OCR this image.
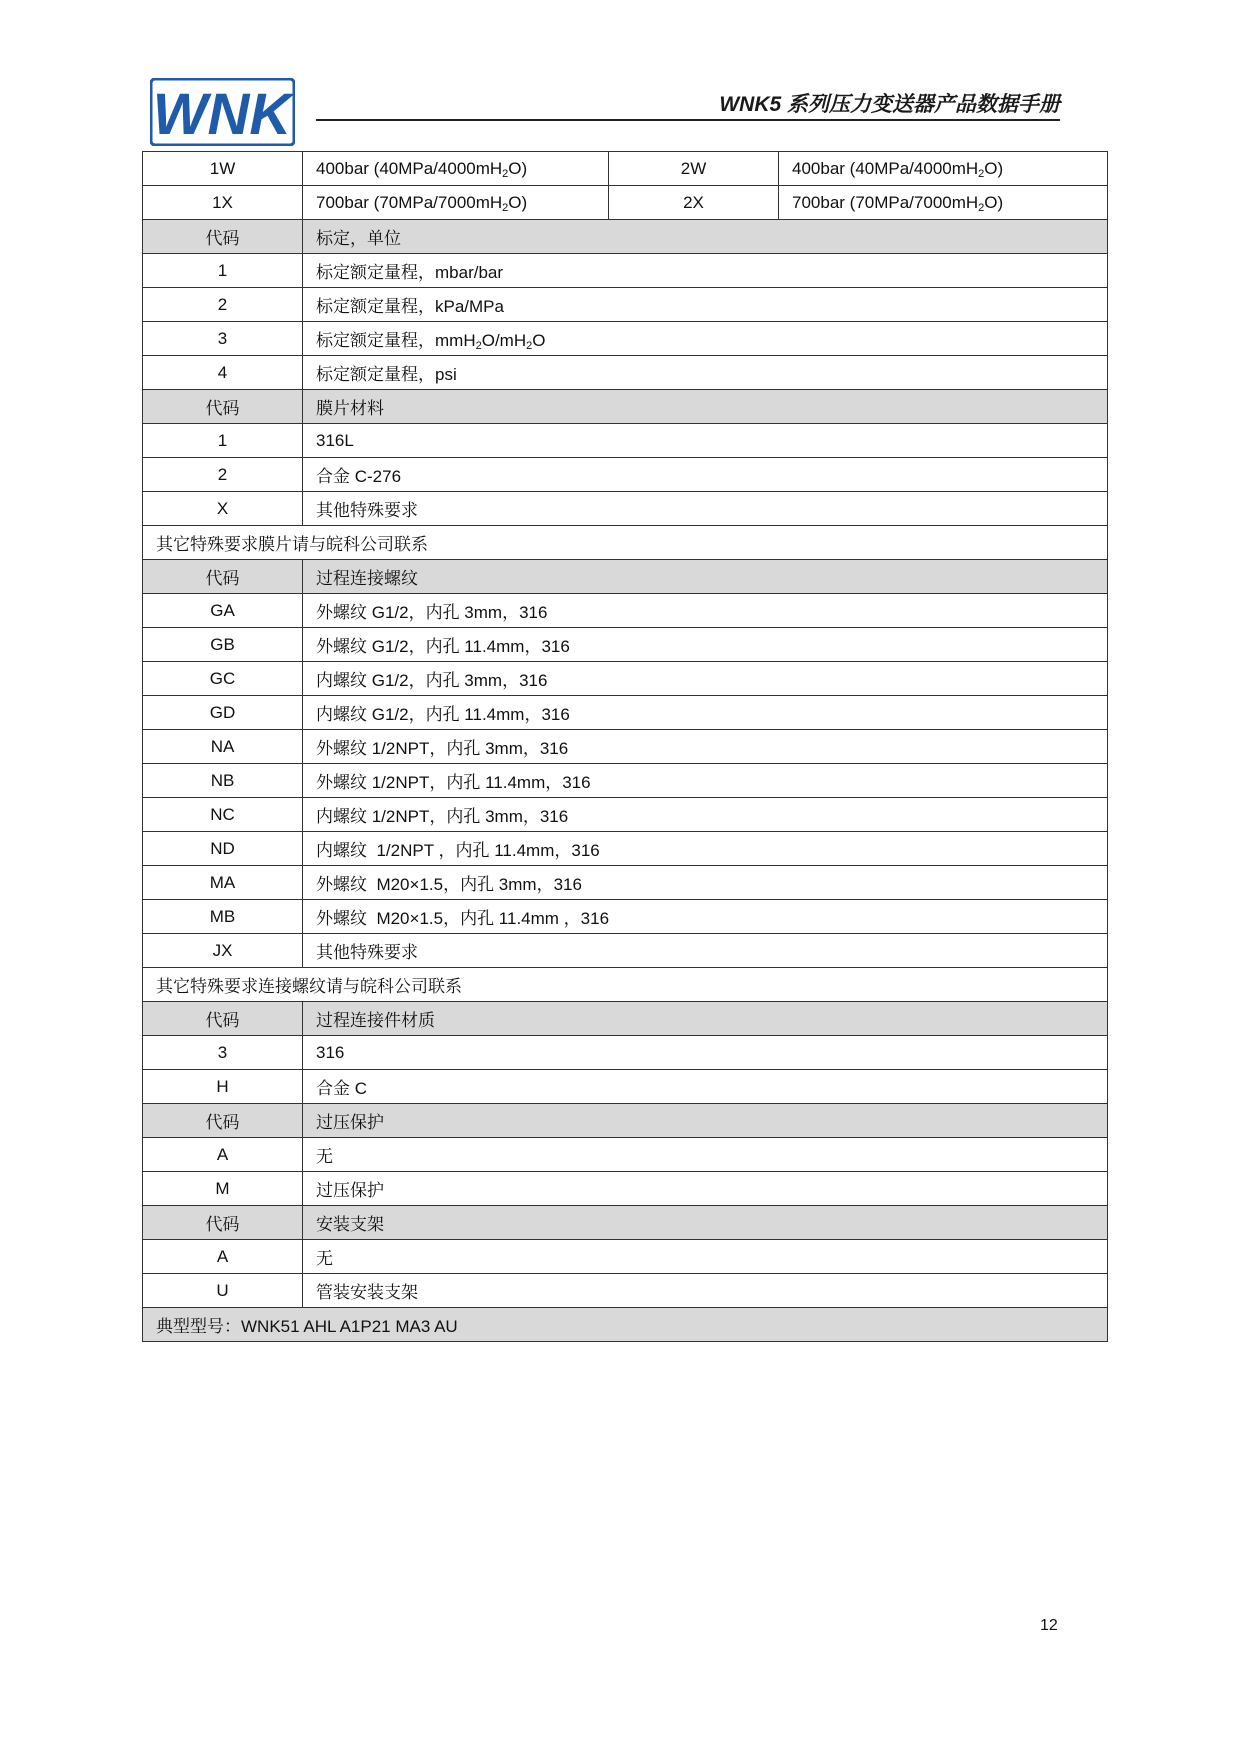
WNK	WNK5 系列压力变送器产品数据手册
1W	400bar $(40MPa/4000mH_2O)$	2W	400bar $(40MPa/4000mH_2O)$
1X	700bar $(70MPa/7000mH_2O)$	2X	700bar $(70MPa/7000mH_2O)$
代码	标定，单位		
1	标定额定量程，mbar/bar		
2	标定额定量程，kPa/MPa		
3	标定额定量程，$mmH_2O/mH_2O$		
4	标定额定量程，psi		
代码	膜片材料		
1	316L		
2	合金 C-276		
X	其他特殊要求		
其它特殊要求膜片请与皖科公司联系			
代码	过程连接螺纹		
GA	外螺纹 G1/2，内孔 3mm，316		
GB	外螺纹 G1/2，内孔 11.4mm，316		
GC	内螺纹 G1/2，内孔 3mm，316		
GD	内螺纹 G1/2，内孔 11.4mm，316		
NA	外螺纹 1/2NPT，内孔 3mm，316		
NB	外螺纹 1/2NPT，内孔 11.4mm，316		
NC	内螺纹 1/2NPT，内孔 3mm，316		
ND	内螺纹  1/2NPT ，内孔 11.4mm，316		
MA	外螺纹  M20×1.5，内孔 3mm，316		
MB	外螺纹  M20×1.5，内孔 11.4mm ，316		
JX	其他特殊要求		
其它特殊要求连接螺纹请与皖科公司联系			
代码	过程连接件材质		
3	316		
H	合金 C		
代码	过压保护		
A	无		
M	过压保护		
代码	安装支架		
A	无		
U	管装安装支架		
典型型号：WNK51 AHL A1P21 MA3 AU			
12
